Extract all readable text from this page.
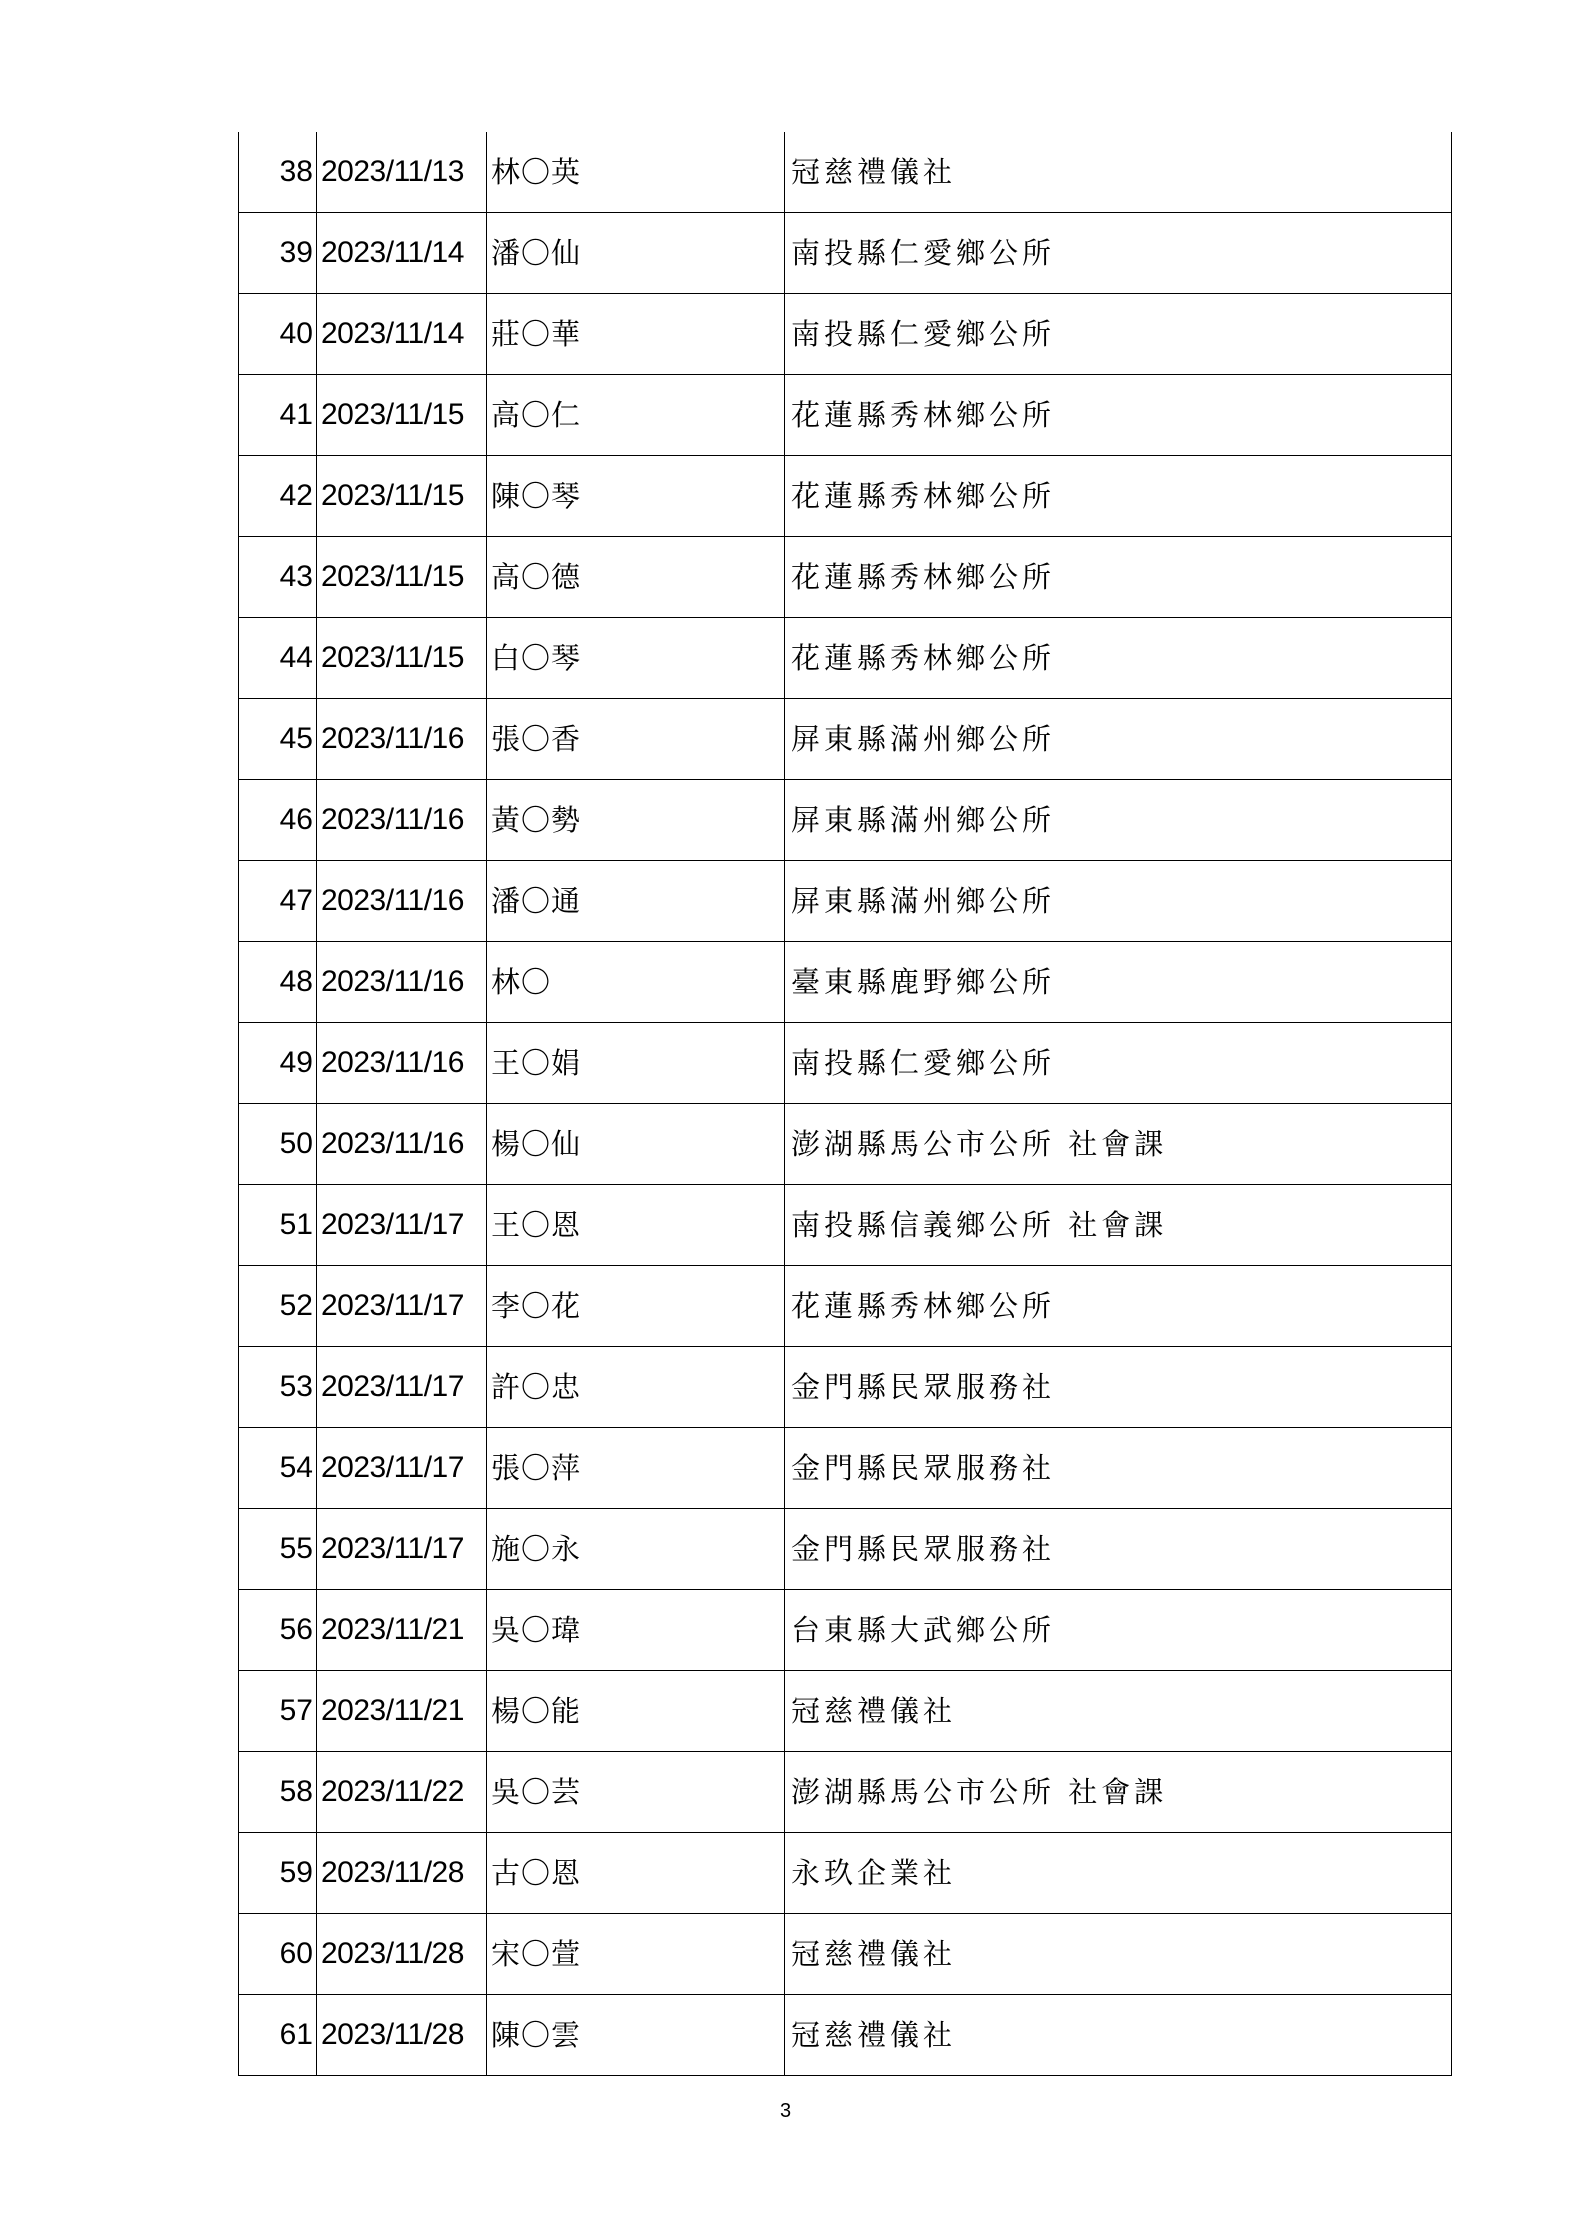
38	2023/11/13	林〇英	冠慈禮儀社
39	2023/11/14	潘〇仙	南投縣仁愛鄉公所
40	2023/11/14	莊〇華	南投縣仁愛鄉公所
41	2023/11/15	高〇仁	花蓮縣秀林鄉公所
42	2023/11/15	陳〇琴	花蓮縣秀林鄉公所
43	2023/11/15	高〇德	花蓮縣秀林鄉公所
44	2023/11/15	白〇琴	花蓮縣秀林鄉公所
45	2023/11/16	張〇香	屏東縣滿州鄉公所
46	2023/11/16	黃〇勢	屏東縣滿州鄉公所
47	2023/11/16	潘〇通	屏東縣滿州鄉公所
48	2023/11/16	林〇	臺東縣鹿野鄉公所
49	2023/11/16	王〇娟	南投縣仁愛鄉公所
50	2023/11/16	楊〇仙	澎湖縣馬公市公所 社會課
51	2023/11/17	王〇恩	南投縣信義鄉公所 社會課
52	2023/11/17	李〇花	花蓮縣秀林鄉公所
53	2023/11/17	許〇忠	金門縣民眾服務社
54	2023/11/17	張〇萍	金門縣民眾服務社
55	2023/11/17	施〇永	金門縣民眾服務社
56	2023/11/21	吳〇瑋	台東縣大武鄉公所
57	2023/11/21	楊〇能	冠慈禮儀社
58	2023/11/22	吳〇芸	澎湖縣馬公市公所 社會課
59	2023/11/28	古〇恩	永玖企業社
60	2023/11/28	宋〇萱	冠慈禮儀社
61	2023/11/28	陳〇雲	冠慈禮儀社
3
